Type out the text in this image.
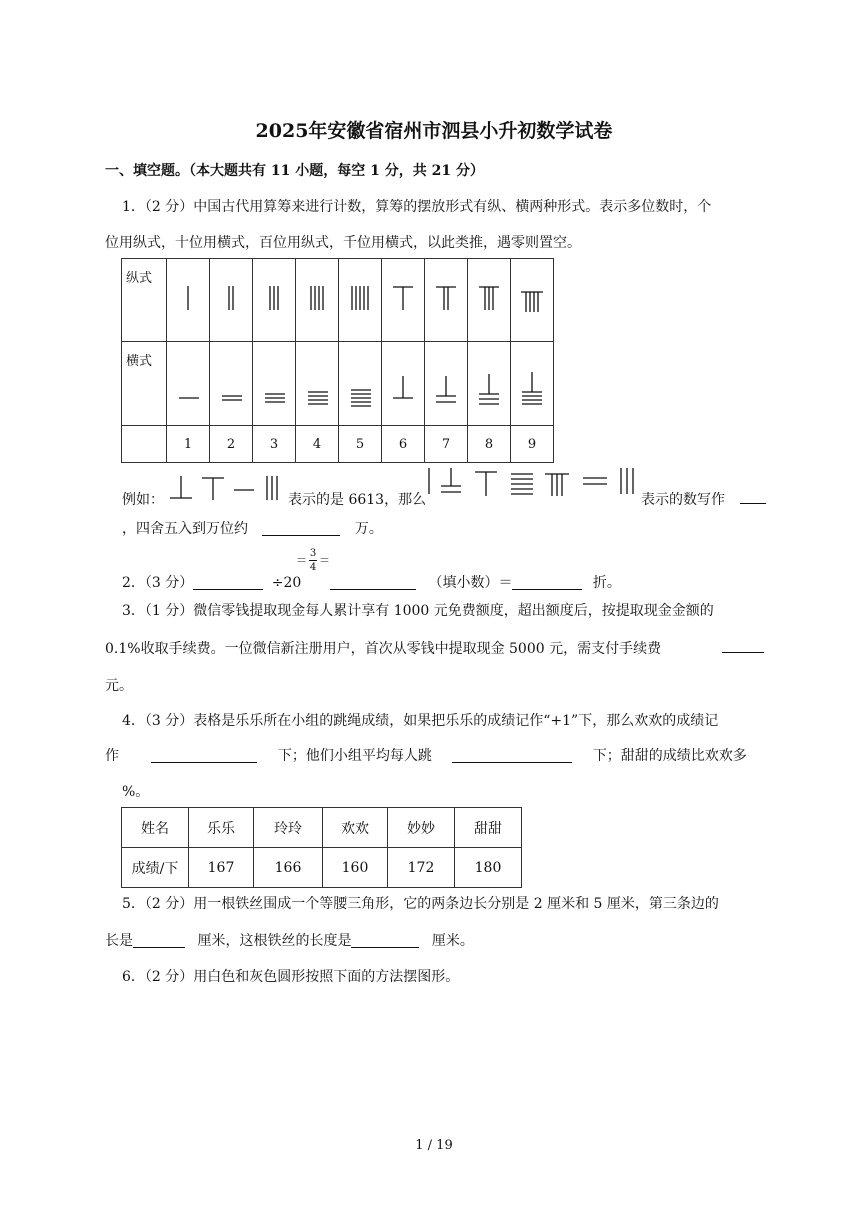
2025年安徽省宿州市泗县小升初数学试卷
一、填空题。（本大题共有 11 小题，每空 1 分，共 21 分）
1．（2 分）中国古代用算筹来进行计数，算筹的摆放形式有纵、横两种形式。表示多位数时，个
位用纵式，十位用横式，百位用纵式，千位用横式，以此类推，遇零则置空。
纵式									
横式									
	1	2	3	4	5	6	7	8	9
例如：	表示的是 6613，那么	表示的数写作
，四舍五入到万位约	万。
2．（3 分）	÷20
＝ $\frac{3}{4}$ ＝
（填小数）＝	折。
3．（1 分）微信零钱提取现金每人累计享有 1000 元免费额度，超出额度后，按提取现金金额的
0.1%收取手续费。一位微信新注册用户，首次从零钱中提取现金 5000 元，需支付手续费
元。
4．（3 分）表格是乐乐所在小组的跳绳成绩，如果把乐乐的成绩记作“+1”下，那么欢欢的成绩记
作	下；他们小组平均每人跳	下；甜甜的成绩比欢欢多
%。
姓名	乐乐	玲玲	欢欢	妙妙	甜甜
成绩/下	167	166	160	172	180
5．（2 分）用一根铁丝围成一个等腰三角形，它的两条边长分别是 2 厘米和 5 厘米，第三条边的
长是	厘米，这根铁丝的长度是	厘米。
6．（2 分）用白色和灰色圆形按照下面的方法摆图形。
1 / 19
